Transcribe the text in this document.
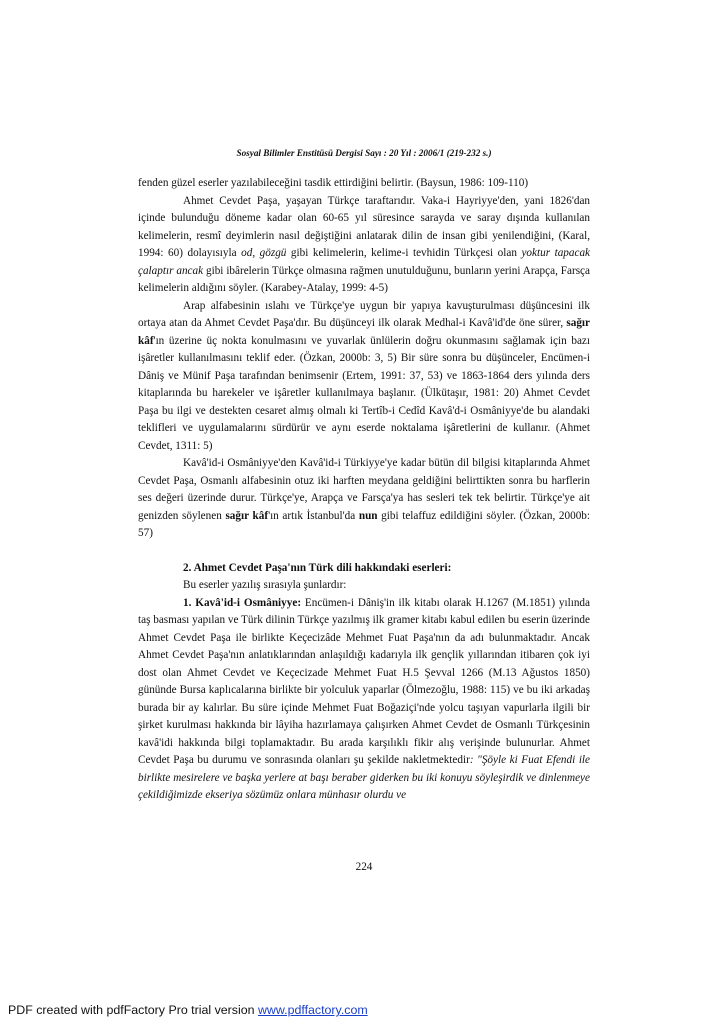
Sosyal Bilimler Enstitüsü Dergisi Sayı : 20 Yıl : 2006/1 (219-232 s.)

fenden güzel eserler yazılabileceğini tasdik ettirdiğini belirtir. (Baysun, 1986: 109-110)

Ahmet Cevdet Paşa, yaşayan Türkçe taraftarıdır. Vaka-i Hayriyye'den, yani 1826'dan içinde bulunduğu döneme kadar olan 60-65 yıl süresince sarayda ve saray dışında kullanılan kelimelerin, resmî deyimlerin nasıl değiştiğini anlatarak dilin de insan gibi yenilendiğini, (Karal, 1994: 60) dolayısıyla od, gözgü gibi kelimelerin, kelime-i tevhidin Türkçesi olan yoktur tapacak çalaptır ancak gibi ibârelerin Türkçe olmasına rağmen unutulduğunu, bunların yerini Arapça, Farsça kelimelerin aldığını söyler. (Karabey-Atalay, 1999: 4-5)

Arap alfabesinin ıslahı ve Türkçe'ye uygun bir yapıya kavuşturulması düşüncesini ilk ortaya atan da Ahmet Cevdet Paşa'dır. Bu düşünceyi ilk olarak Medhal-i Kavâ'id'de öne sürer, sağır kâf'ın üzerine üç nokta konulmasını ve yuvarlak ünlülerin doğru okunmasını sağlamak için bazı işâretler kullanılmasını teklif eder. (Özkan, 2000b: 3, 5) Bir süre sonra bu düşünceler, Encümen-i Dâniş ve Münif Paşa tarafından benimsenir (Ertem, 1991: 37, 53) ve 1863-1864 ders yılında ders kitaplarında bu harekeler ve işâretler kullanılmaya başlanır. (Ülkütaşır, 1981: 20) Ahmet Cevdet Paşa bu ilgi ve destekten cesaret almış olmalı ki Tertîb-i Cedîd Kavâ'd-i Osmâniyye'de bu alandaki teklifleri ve uygulamalarını sürdürür ve aynı eserde noktalama işâretlerini de kullanır. (Ahmet Cevdet, 1311: 5)

Kavâ'id-i Osmâniyye'den Kavâ'id-i Türkiyye'ye kadar bütün dil bilgisi kitaplarında Ahmet Cevdet Paşa, Osmanlı alfabesinin otuz iki harften meydana geldiğini belirttikten sonra bu harflerin ses değeri üzerinde durur. Türkçe'ye, Arapça ve Farsça'ya has sesleri tek tek belirtir. Türkçe'ye ait genizden söylenen sağır kâf'ın artık İstanbul'da nun gibi telaffuz edildiğini söyler. (Özkan, 2000b: 57)

2. Ahmet Cevdet Paşa'nın Türk dili hakkındaki eserleri:

Bu eserler yazılış sırasıyla şunlardır:

1. Kavâ'id-i Osmâniyye: Encümen-i Dâniş'in ilk kitabı olarak H.1267 (M.1851) yılında taş basması yapılan ve Türk dilinin Türkçe yazılmış ilk gramer kitabı kabul edilen bu eserin üzerinde Ahmet Cevdet Paşa ile birlikte Keçecizâde Mehmet Fuat Paşa'nın da adı bulunmaktadır. Ancak Ahmet Cevdet Paşa'nın anlatıklarından anlaşıldığı kadarıyla ilk gençlik yıllarından itibaren çok iyi dost olan Ahmet Cevdet ve Keçecizade Mehmet Fuat H.5 Şevval 1266 (M.13 Ağustos 1850) gününde Bursa kaplıcalarına birlikte bir yolculuk yaparlar (Ölmezoğlu, 1988: 115) ve bu iki arkadaş burada bir ay kalırlar. Bu süre içinde Mehmet Fuat Boğaziçi'nde yolcu taşıyan vapurlarla ilgili bir şirket kurulması hakkında bir lâyiha hazırlamaya çalışırken Ahmet Cevdet de Osmanlı Türkçesinin kavâ'idi hakkında bilgi toplamaktadır. Bu arada karşılıklı fikir alış verişinde bulunurlar. Ahmet Cevdet Paşa bu durumu ve sonrasında olanları şu şekilde nakletmektedir: "Şöyle ki Fuat Efendi ile birlikte mesirelere ve başka yerlere at başı beraber giderken bu iki konuyu söyleşirdik ve dinlenmeye çekildiğimizde ekseriya sözümüz onlara münhasır olurdu ve

224
PDF created with pdfFactory Pro trial version www.pdffactory.com
